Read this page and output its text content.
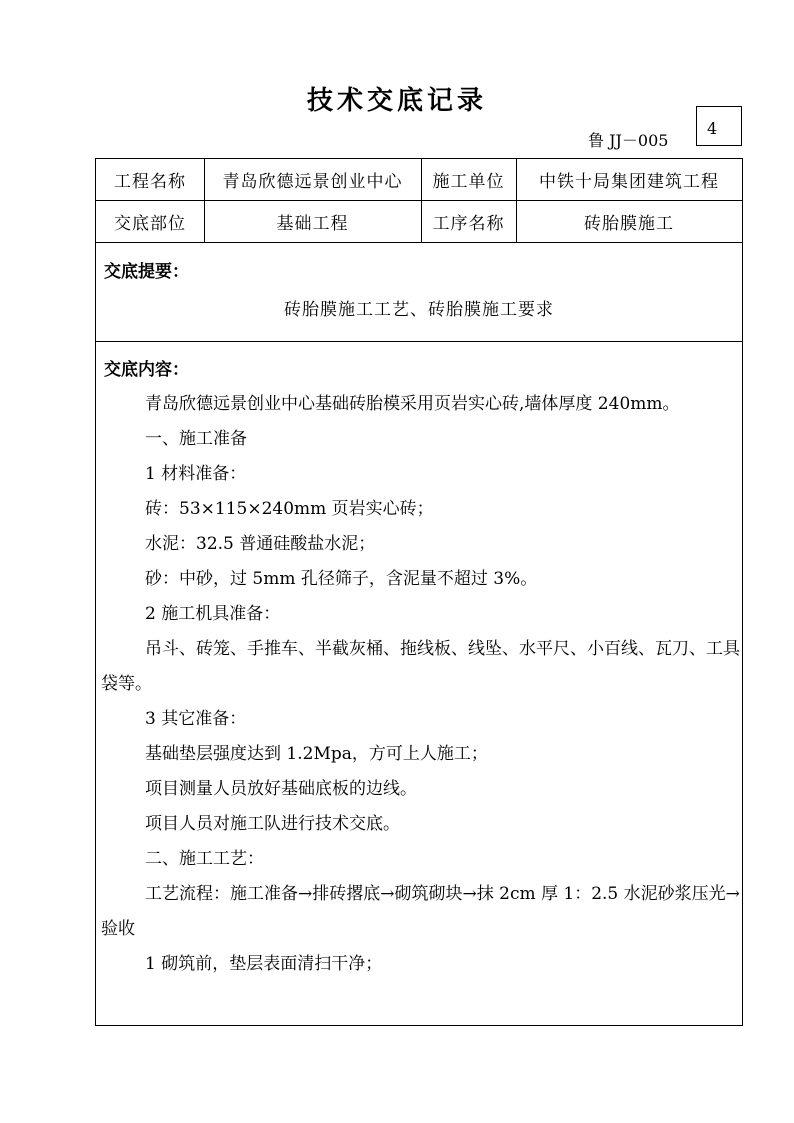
技术交底记录
鲁 JJ－005
4
工程名称	青岛欣德远景创业中心	施工单位	中铁十局集团建筑工程
交底部位	基础工程	工序名称	砖胎膜施工
交底提要：
砖胎膜施工工艺、砖胎膜施工要求
交底内容：

青岛欣德远景创业中心基础砖胎模采用页岩实心砖,墙体厚度 240mm。

一、施工准备

1 材料准备：

砖：53×115×240mm 页岩实心砖；

水泥：32.5 普通硅酸盐水泥；

砂：中砂，过 5mm 孔径筛子，含泥量不超过 3%。

2 施工机具准备：

吊斗、砖笼、手推车、半截灰桶、拖线板、线坠、水平尺、小百线、瓦刀、工具袋等。

3 其它准备：

基础垫层强度达到 1.2Mpa，方可上人施工；

项目测量人员放好基础底板的边线。

项目人员对施工队进行技术交底。

二、施工工艺：

工艺流程：施工准备→排砖撂底→砌筑砌块→抹 2cm 厚 1：2.5 水泥砂浆压光→验收

1 砌筑前，垫层表面清扫干净；
